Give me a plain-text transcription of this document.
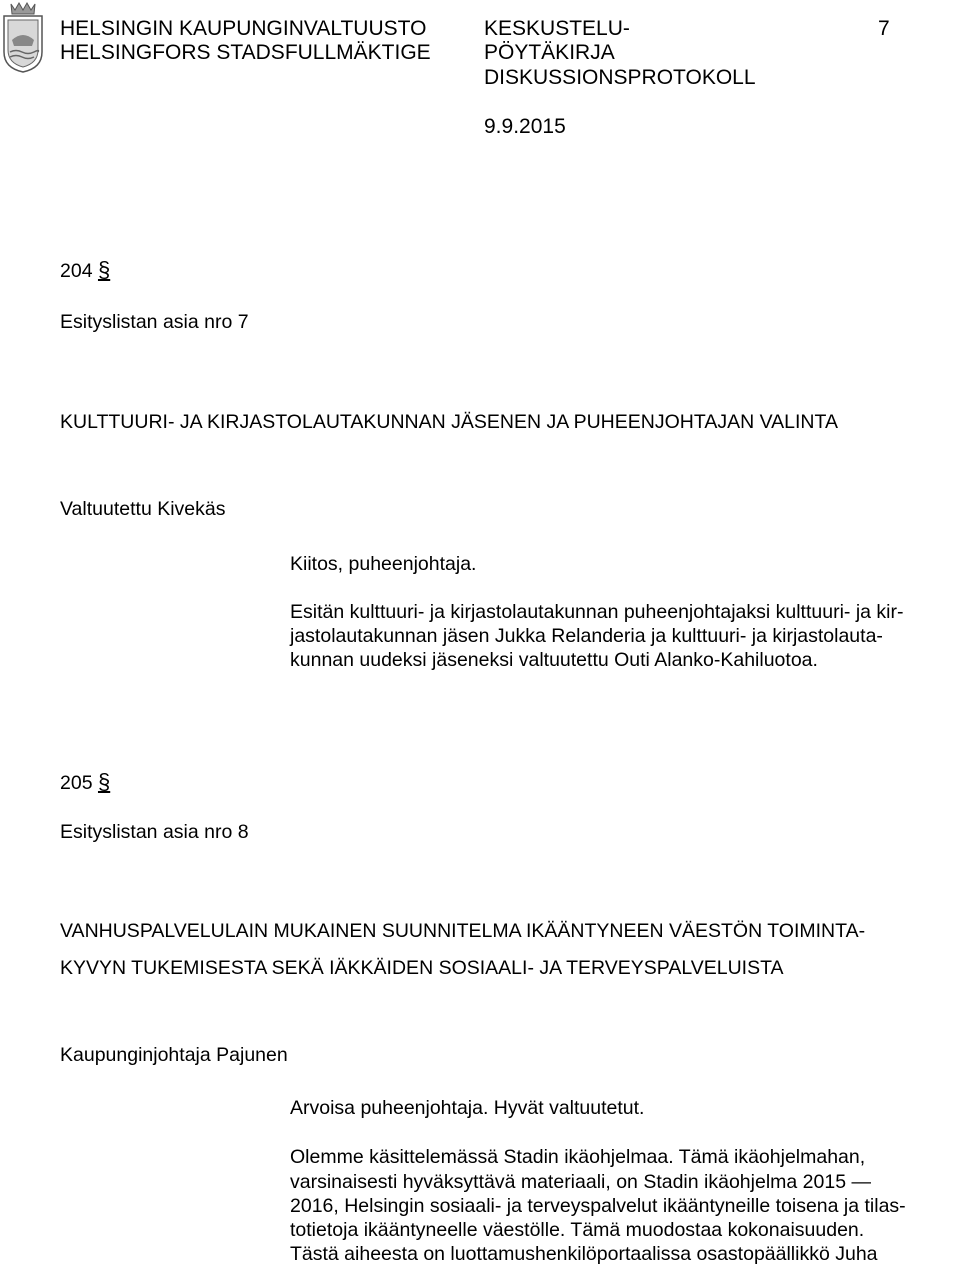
HELSINGIN KAUPUNGINVALTUUSTO
HELSINGFORS STADSFULLMÄKTIGE
KESKUSTELU-
PÖYTÄKIRJA
DISKUSSIONSPROTOKOLL
9.9.2015
7
204 §
Esityslistan asia nro 7
KULTTUURI- JA KIRJASTOLAUTAKUNNAN JÄSENEN JA PUHEENJOHTAJAN VALINTA
Valtuutettu Kivekäs
Kiitos, puheenjohtaja.
Esitän kulttuuri- ja kirjastolautakunnan puheenjohtajaksi kulttuuri- ja kir-
jastolautakunnan jäsen Jukka Relanderia ja kulttuuri- ja kirjastolauta-
kunnan uudeksi jäseneksi valtuutettu Outi Alanko-Kahiluotoa.
205 §
Esityslistan asia nro 8
VANHUSPALVELULAIN MUKAINEN SUUNNITELMA IKÄÄNTYNEEN VÄESTÖN TOIMINTA-
KYVYN TUKEMISESTA SEKÄ IÄKKÄIDEN SOSIAALI- JA TERVEYSPALVELUISTA
Kaupunginjohtaja Pajunen
Arvoisa puheenjohtaja. Hyvät valtuutetut.
Olemme käsittelemässä Stadin ikäohjelmaa. Tämä ikäohjelmahan,
varsinaisesti hyväksyttävä materiaali, on Stadin ikäohjelma 2015 —
2016, Helsingin sosiaali- ja terveyspalvelut ikääntyneille toisena ja tilas-
totietoja ikääntyneelle väestölle. Tämä muodostaa kokonaisuuden.
Tästä aiheesta on luottamushenkilöportaalissa osastopäällikkö Juha
